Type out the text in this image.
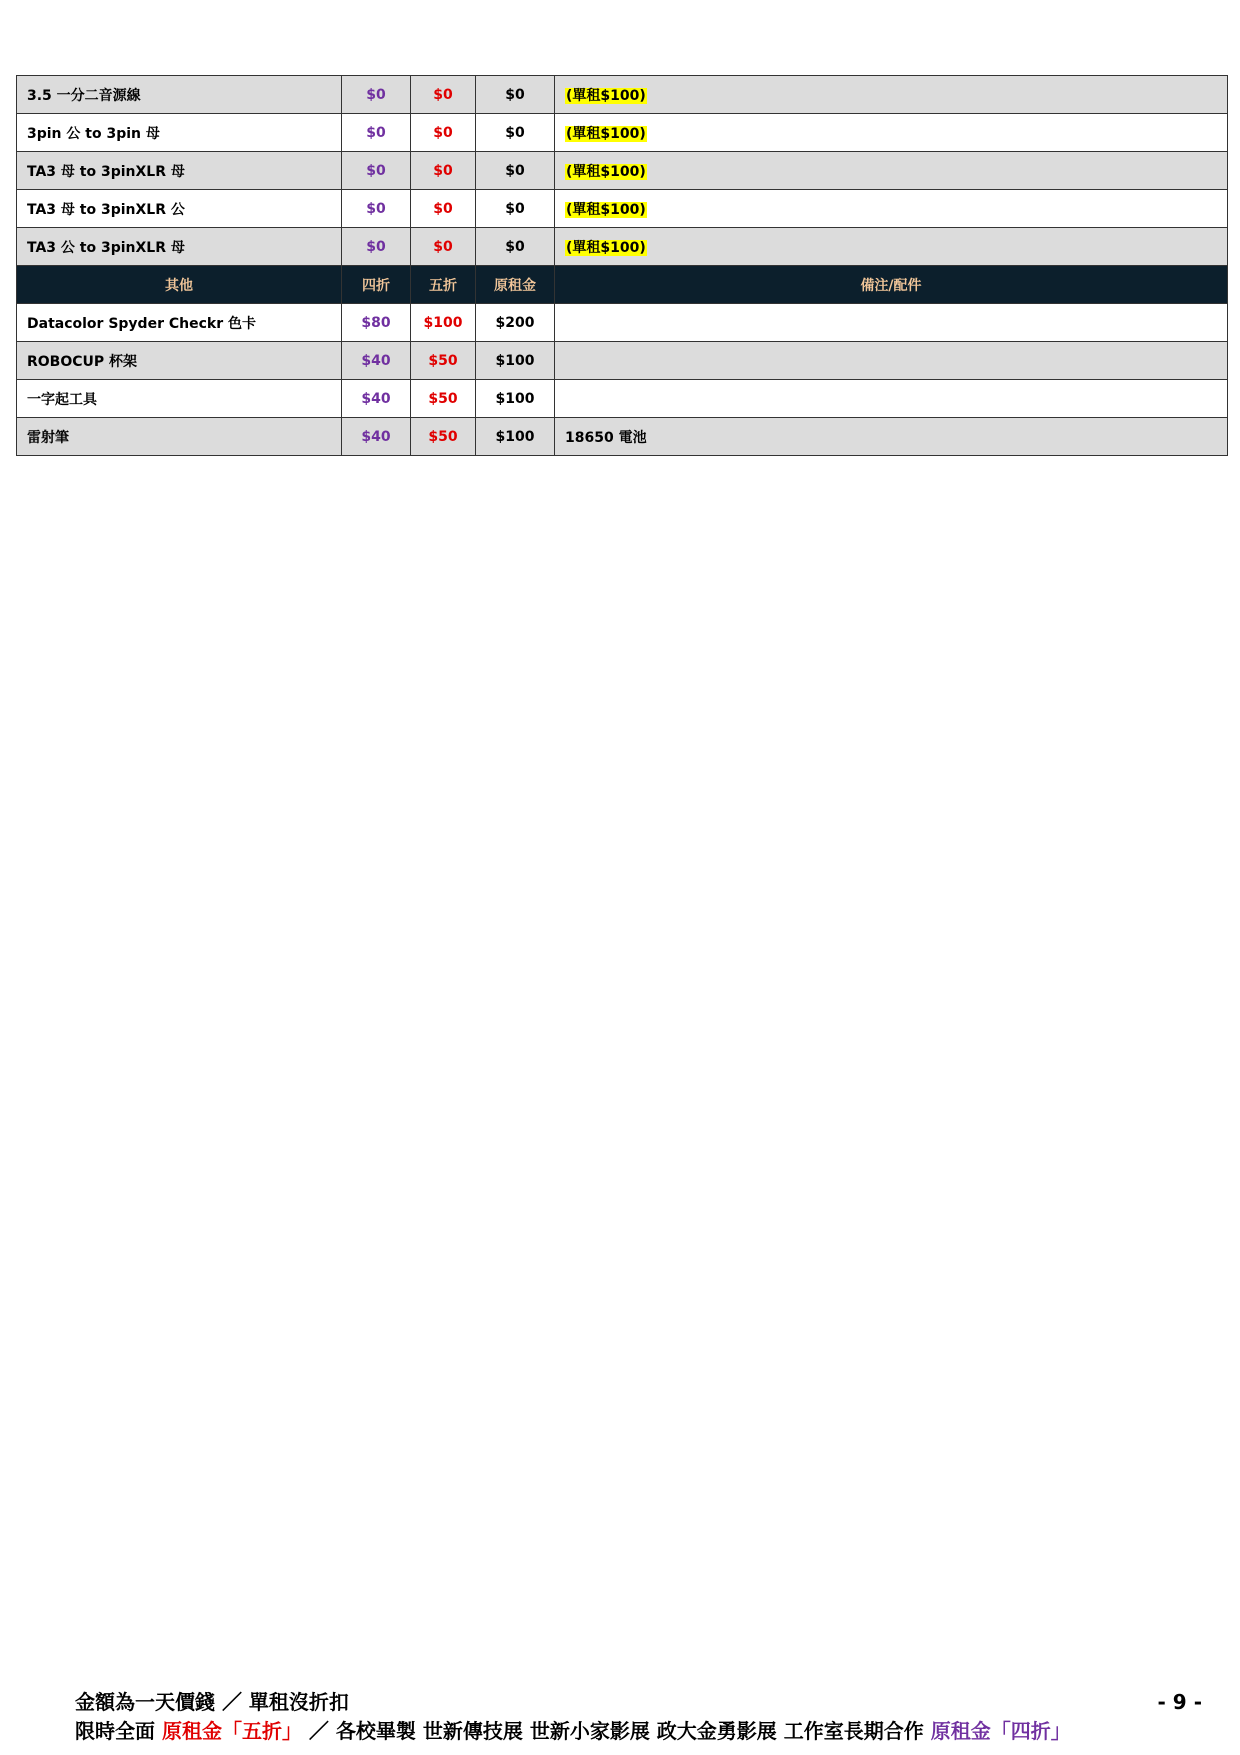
3.5 一分二音源線	$0	$0	$0	(單租$100)
3pin 公 to 3pin 母	$0	$0	$0	(單租$100)
TA3 母 to 3pinXLR 母	$0	$0	$0	(單租$100)
TA3 母 to 3pinXLR 公	$0	$0	$0	(單租$100)
TA3 公 to 3pinXLR 母	$0	$0	$0	(單租$100)
其他	四折	五折	原租金	備注/配件
Datacolor Spyder Checkr 色卡	$80	$100	$200	
ROBOCUP 杯架	$40	$50	$100	
一字起工具	$40	$50	$100	
雷射筆	$40	$50	$100	18650 電池
金額為一天價錢 ／ 單租沒折扣
限時全面 原租金「五折」 ／ 各校畢製 世新傳技展 世新小家影展 政大金勇影展 工作室長期合作 原租金「四折」
- 9 -
